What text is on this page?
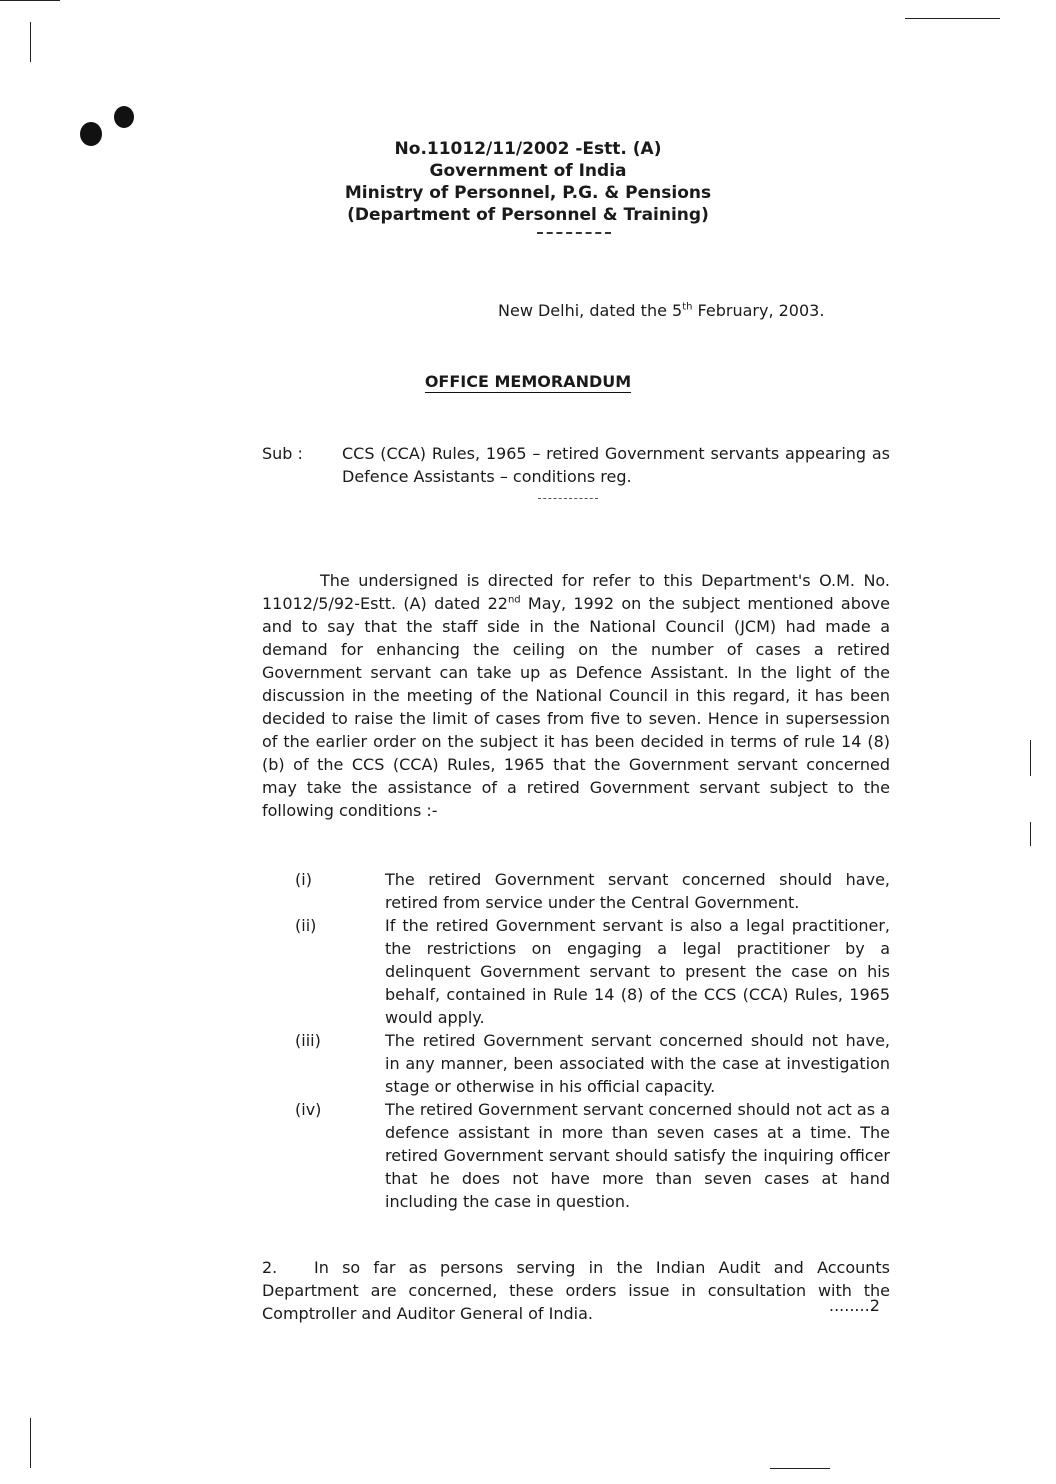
No.11012/11/2002 -Estt. (A)
Government of India
Ministry of Personnel, P.G. & Pensions
(Department of Personnel & Training)
New Delhi, dated the 5th February, 2003.
OFFICE MEMORANDUM
Sub :	CCS (CCA) Rules, 1965 – retired Government servants appearing as Defence Assistants – conditions reg.
The undersigned is directed for refer to this Department's O.M. No. 11012/5/92-Estt. (A) dated 22nd May, 1992 on the subject mentioned above and to say that the staff side in the National Council (JCM) had made a demand for enhancing the ceiling on the number of cases a retired Government servant can take up as Defence Assistant. In the light of the discussion in the meeting of the National Council in this regard, it has been decided to raise the limit of cases from five to seven. Hence in supersession of the earlier order on the subject it has been decided in terms of rule 14 (8) (b) of the CCS (CCA) Rules, 1965 that the Government servant concerned may take the assistance of a retired Government servant subject to the following conditions :-
(i)	The retired Government servant concerned should have, retired from service under the Central Government.
(ii)	If the retired Government servant is also a legal practitioner, the restrictions on engaging a legal practitioner by a delinquent Government servant to present the case on his behalf, contained in Rule 14 (8) of the CCS (CCA) Rules, 1965 would apply.
(iii)	The retired Government servant concerned should not have, in any manner, been associated with the case at investigation stage or otherwise in his official capacity.
(iv)	The retired Government servant concerned should not act as a defence assistant in more than seven cases at a time. The retired Government servant should satisfy the inquiring officer that he does not have more than seven cases at hand including the case in question.
2. In so far as persons serving in the Indian Audit and Accounts Department are concerned, these orders issue in consultation with the Comptroller and Auditor General of India.	........2
